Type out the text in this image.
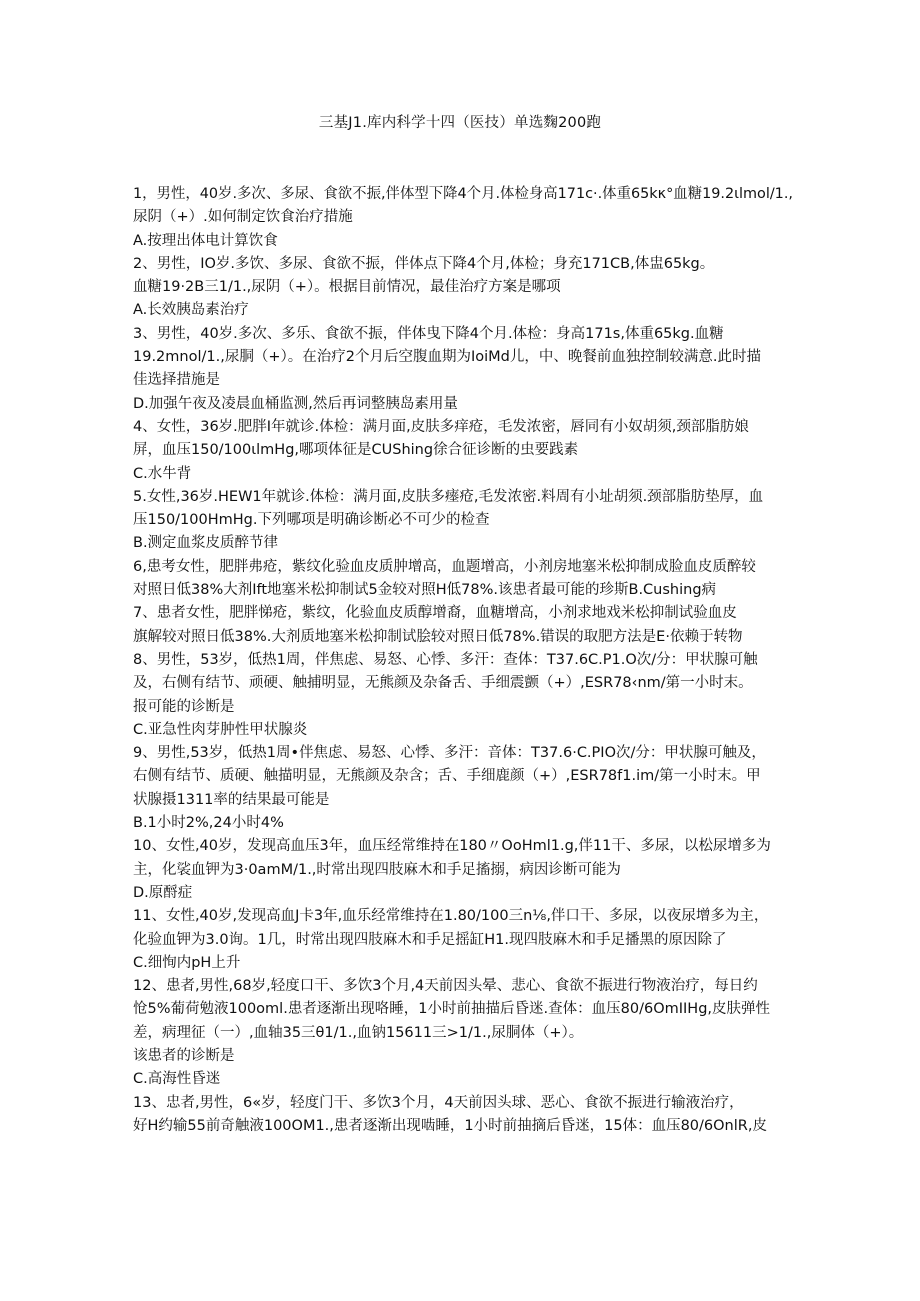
三基J1.库内科学十四（医技）单选麴200跑
1，男性，40岁.多次、多尿、食欲不振,伴体型下降4个月.体检身高171c·.体重65kκ°血糖19.2ιlmol/1.,
尿阴（+）.如何制定饮食治疗措施
A.按理出体电计算饮食
2、男性，IO岁.多饮、多尿、食欲不振，伴体点下降4个月,体检；身充171CB,体盅65kg。
血糖19·2B三1/1.,尿阴（+）。根据目前情况，最佳治疗方案是哪项
A.长效胰岛素治疗
3、男性，40岁.多次、多乐、食欲不振，伴体曳下降4个月.体检：身高171s,体重65kg.血糖
19.2mnol/1.,尿胴（+）。在治疗2个月后空腹血期为IoiMd儿，中、晚餐前血独控制较满意.此时描
佳选择措施是
D.加强午夜及凌晨血桶监测,然后再词整胰岛素用量
4、女性，36岁.肥胖I年就诊.体检：满月面,皮肤多痒疮，毛发浓密，唇同有小奴胡须,颈部脂肪娘
屏，血压150/100ιlmHg,哪项体征是CUShing徐合征诊断的虫要践素
C.水牛背
5.女性,36岁.HEW1年就诊.体检：满月面,皮肤多瘗疮,毛发浓密.料周有小址胡须.颈部脂肪垫厚，血
压150/100HmHg.下列哪项是明确诊断必不可少的检查
B.测定血浆皮质醉节律
6,患考女性，肥胖弗疮，紫纹化验血皮质肿增高，血题增高，小剂房地塞米松抑制成脸血皮质醉较
对照日低38%大剂Ift地塞米松抑制试5金较对照H低78%.该患者最可能的珍斯B.Cushing病
7、患者女性，肥胖悌疮，紫纹，化验血皮质醇增裔，血糖增高，小剂求地戏米松抑制试验血皮
旗解较对照日低38%.大剂质地塞米松抑制试脍较对照日低78%.错误的取肥方法是E·依赖于转物
8、男性，53岁，低热1周，伴焦虑、易怒、心悸、多汗：查体：T37.6C.P1.O次/分：甲状腺可触
及，右侧有结节、顽硬、触捕明显，无熊颜及杂备舌、手细震颤（+）,ESR78‹nm/第一小时末。
报可能的诊断是
C.亚急性肉芽肿性甲状腺炎
9、男性,53岁，低热1周•伴焦虑、易怒、心悸、多汗：音体：T37.6·C.PIO次/分：甲状腺可触及，
右侧有结节、质硬、触描明显，无熊颜及杂含；舌、手细鹿颜（+）,ESR78f1.im/第一小时末。甲
状腺摄1311率的结果最可能是
B.1小时2%,24小时4%
10、女性,40岁，发现高血压3年，血压经常维持在180〃OoHml1.g,伴11干、多尿，以松尿增多为
主，化裟血钾为3·0amM/1.,时常出现四肢麻木和手足搐搦，病因诊断可能为
D.原酹症
11、女性,40岁,发现高血J卡3年,血乐经常维持在1.80/100三n⅛,伴口干、多尿，以夜尿增多为主，
化验血钾为3.0询。1几，时常出现四肢麻木和手足摇缸H1.现四肢麻木和手足播黑的原因除了
C.细恂内pH上升
12、患者,男性,68岁,轻度口干、多饮3个月,4天前因头晕、悲心、食欲不振进行物液治疗，每日约
怆5%葡荷勉液100oml.患者逐渐出现咯睡，1小时前抽描后昏迷.查体：血压80/6OmIIHg,皮肤弹性
差，病理征（一）,血轴35三θ1/1.,血钠15611三>1/1.,尿胴体（+）。
该患者的诊断是
C.高海性昏迷
13、忠者,男性，6«岁，轻度门干、多饮3个月，4天前因头球、恶心、食欲不振进行输液治疗，
好H约输55前奇触液100OM1.,患者逐渐出现啮睡，1小时前抽摘后昏迷，15体：血压80/6OnlR,皮
